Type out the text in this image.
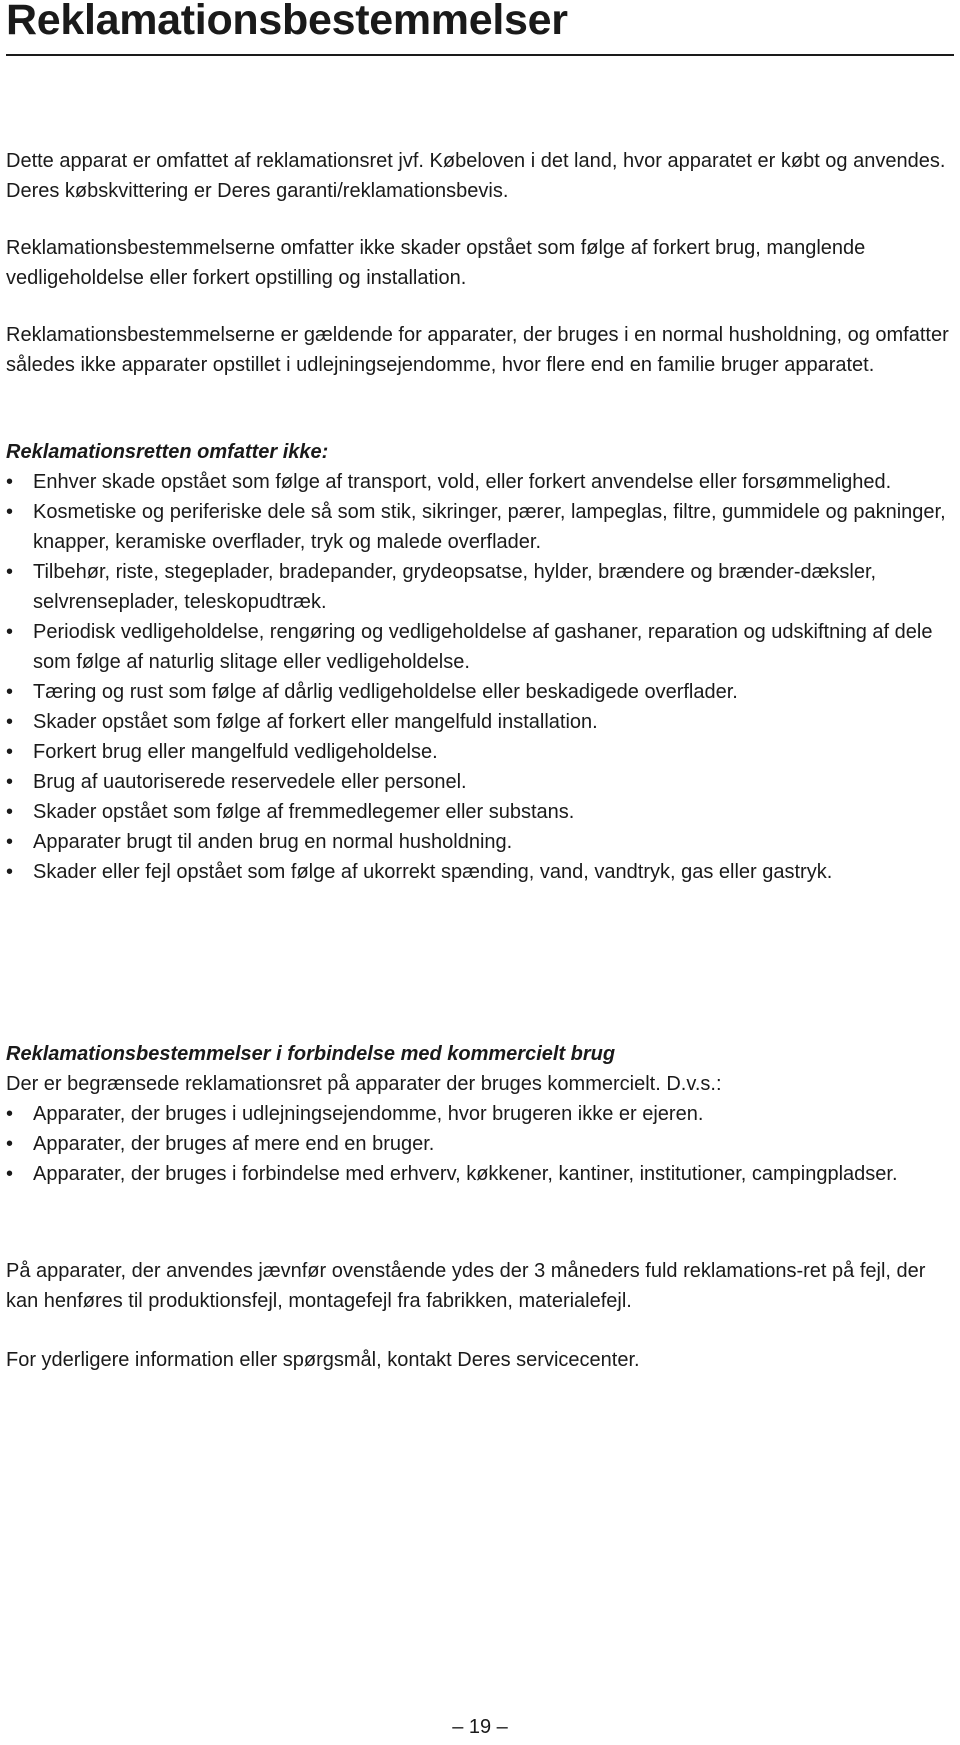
Reklamationsbestemmelser

Dette apparat er omfattet af reklamationsret jvf. Købeloven i det land, hvor apparatet er købt og anvendes. Deres købskvittering er Deres garanti/reklamationsbevis.

Reklamationsbestemmelserne omfatter ikke skader opstået som følge af forkert brug, manglende vedligeholdelse eller forkert opstilling og installation.

Reklamationsbestemmelserne er gældende for apparater, der bruges i en normal husholdning, og omfatter således ikke apparater opstillet i udlejningsejendomme, hvor flere end en familie bruger apparatet.

Reklamationsretten omfatter ikke:
• Enhver skade opstået som følge af transport, vold, eller forkert anvendelse eller forsømmelighed.
• Kosmetiske og periferiske dele så som stik, sikringer, pærer, lampeglas, filtre, gummidele og pakninger, knapper, keramiske overflader, tryk og malede overflader.
• Tilbehør, riste, stegeplader, bradepander, grydeopsatse, hylder, brændere og brænder-dæksler, selvrenseplader, teleskopudtræk.
• Periodisk vedligeholdelse, rengøring og vedligeholdelse af gashaner, reparation og udskiftning af dele som følge af naturlig slitage eller vedligeholdelse.
• Tæring og rust som følge af dårlig vedligeholdelse eller beskadigede overflader.
• Skader opstået som følge af forkert eller mangelfuld installation.
• Forkert brug eller mangelfuld vedligeholdelse.
• Brug af uautoriserede reservedele eller personel.
• Skader opstået som følge af fremmedlegemer eller substans.
• Apparater brugt til anden brug en normal husholdning.
• Skader eller fejl opstået som følge af ukorrekt spænding, vand, vandtryk, gas eller gastryk.
Reklamationsbestemmelser i forbindelse med kommercielt brug

Der er begrænsede reklamationsret på apparater der bruges kommercielt. D.v.s.:

• Apparater, der bruges i udlejningsejendomme, hvor brugeren ikke er ejeren.
• Apparater, der bruges af mere end en bruger.
• Apparater, der bruges i forbindelse med erhverv, køkkener, kantiner, institutioner, campingpladser.

På apparater, der anvendes jævnfør ovenstående ydes der 3 måneders fuld reklamations-ret på fejl, der kan henføres til produktionsfejl, montagefejl fra fabrikken, materialefejl.

For yderligere information eller spørgsmål, kontakt Deres servicecenter.

– 19 –
